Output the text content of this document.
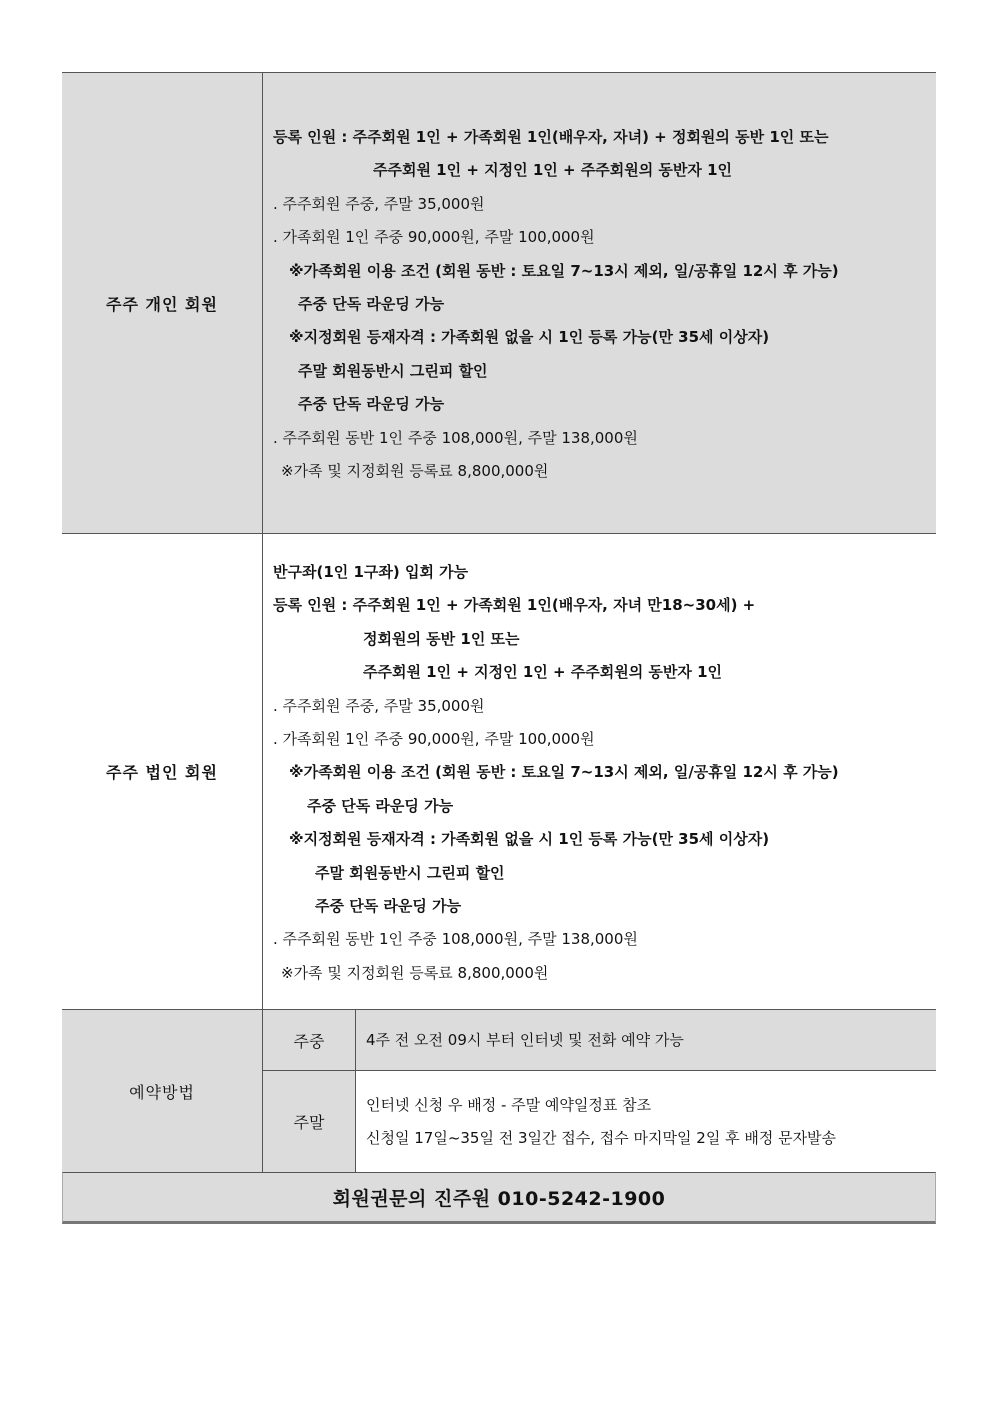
주주 개인 회원
등록 인원 : 주주회원 1인 + 가족회원 1인(배우자, 자녀) + 정회원의 동반 1인 또는
주주회원 1인 + 지정인 1인 + 주주회원의 동반자 1인
. 주주회원 주중, 주말 35,000원
. 가족회원 1인 주중 90,000원, 주말 100,000원
※가족회원 이용 조건 (회원 동반 : 토요일 7~13시 제외, 일/공휴일 12시 후 가능)
주중 단독 라운딩 가능
※지정회원 등재자격 : 가족회원 없을 시 1인 등록 가능(만 35세 이상자)
주말 회원동반시 그린피 할인
주중 단독 라운딩 가능
. 주주회원 동반 1인 주중 108,000원, 주말 138,000원
※가족 및 지정회원 등록료 8,800,000원
주주 법인 회원
반구좌(1인 1구좌) 입회 가능
등록 인원 : 주주회원 1인 + 가족회원 1인(배우자, 자녀 만18~30세) +
정회원의 동반 1인 또는
주주회원 1인 + 지정인 1인 + 주주회원의 동반자 1인
. 주주회원 주중, 주말 35,000원
. 가족회원 1인 주중 90,000원, 주말 100,000원
※가족회원 이용 조건 (회원 동반 : 토요일 7~13시 제외, 일/공휴일 12시 후 가능)
주중 단독 라운딩 가능
※지정회원 등재자격 : 가족회원 없을 시 1인 등록 가능(만 35세 이상자)
주말 회원동반시 그린피 할인
주중 단독 라운딩 가능
. 주주회원 동반 1인 주중 108,000원, 주말 138,000원
※가족 및 지정회원 등록료 8,800,000원
예약방법
주중	4주 전 오전 09시 부터 인터넷 및 전화 예약 가능
주말
인터넷 신청 우 배정 - 주말 예약일정표 참조
신청일 17일~35일 전 3일간 접수, 접수 마지막일 2일 후 배정 문자발송
회원권문의 진주원 010-5242-1900
